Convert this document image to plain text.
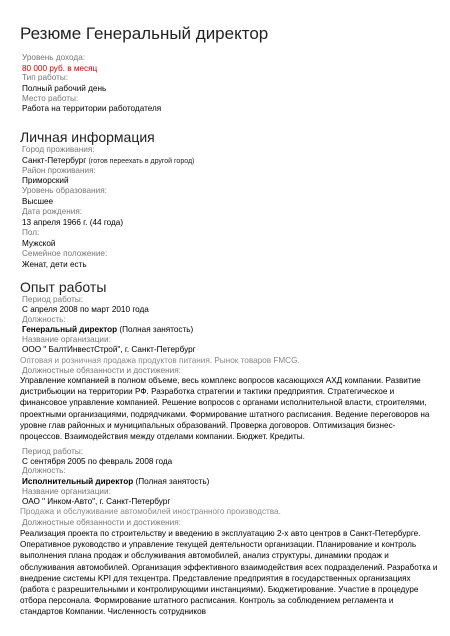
Резюме Генеральный директор
Уровень дохода:
80 000 руб. в месяц
Тип работы:
Полный рабочий день
Место работы:
Работа на территории работодателя
Личная информация
Город проживания:
Санкт-Петербург (готов переехать в другой город)
Район проживания:
Приморский
Уровень образования:
Высшее
Дата рождения:
13 апреля 1966 г. (44 года)
Пол:
Мужской
Семейное положение:
Женат, дети есть
Опыт работы
Период работы:
С апреля 2008 по март 2010 года
Должность:
Генеральный директор (Полная занятость)
Название организации:
ООО " БалтИнвестСтрой", г. Санкт-Петербург
Оптовая и розничная продажа продуктов питания. Рынок товаров FMCG.
Должностные обязанности и достижения:
Управление компанией в полном объеме, весь комплекс вопросов касающихся АХД компании. Развитие дистрибьюции на территории РФ. Разработка стратегии и тактики предприятия. Стратегическое и финансовое управление компанией. Решение вопросов с органами исполнительной власти, строителями, проектными организациями, подрядчиками. Формирование штатного расписания. Ведение переговоров на уровне глав районных и муниципальных образований. Проверка договоров. Оптимизация бизнес- процессов. Взаимодействия между отделами компании. Бюджет. Кредиты.
Период работы:
С сентября 2005 по февраль 2008 года
Должность:
Исполнительный директор (Полная занятость)
Название организации:
ОАО " Инком-Авто", г. Санкт-Петербург
Продажа и обслуживание автомобилей иностранного производства.
Должностные обязанности и достижения:
Реализация проекта по строительству и введению в эксплуатацию 2-х авто центров в Санкт-Петербурге. Оперативное руководство и управление текущей деятельности организации. Планирование и контроль выполнения плана продаж и обслуживания автомобилей, анализ структуры, динамики продаж и обслуживания автомобилей. Организация эффективного взаимодействия всех подразделений. Разработка и внедрение системы KPI для техцентра. Представление предприятия в государственных организациях (работа с разрешительными и контролирующими инстанциями). Бюджетирование. Участие в процедуре отбора персонала. Формирование штатного расписания. Контроль за соблюдением регламента и стандартов Компании. Численность сотрудников
